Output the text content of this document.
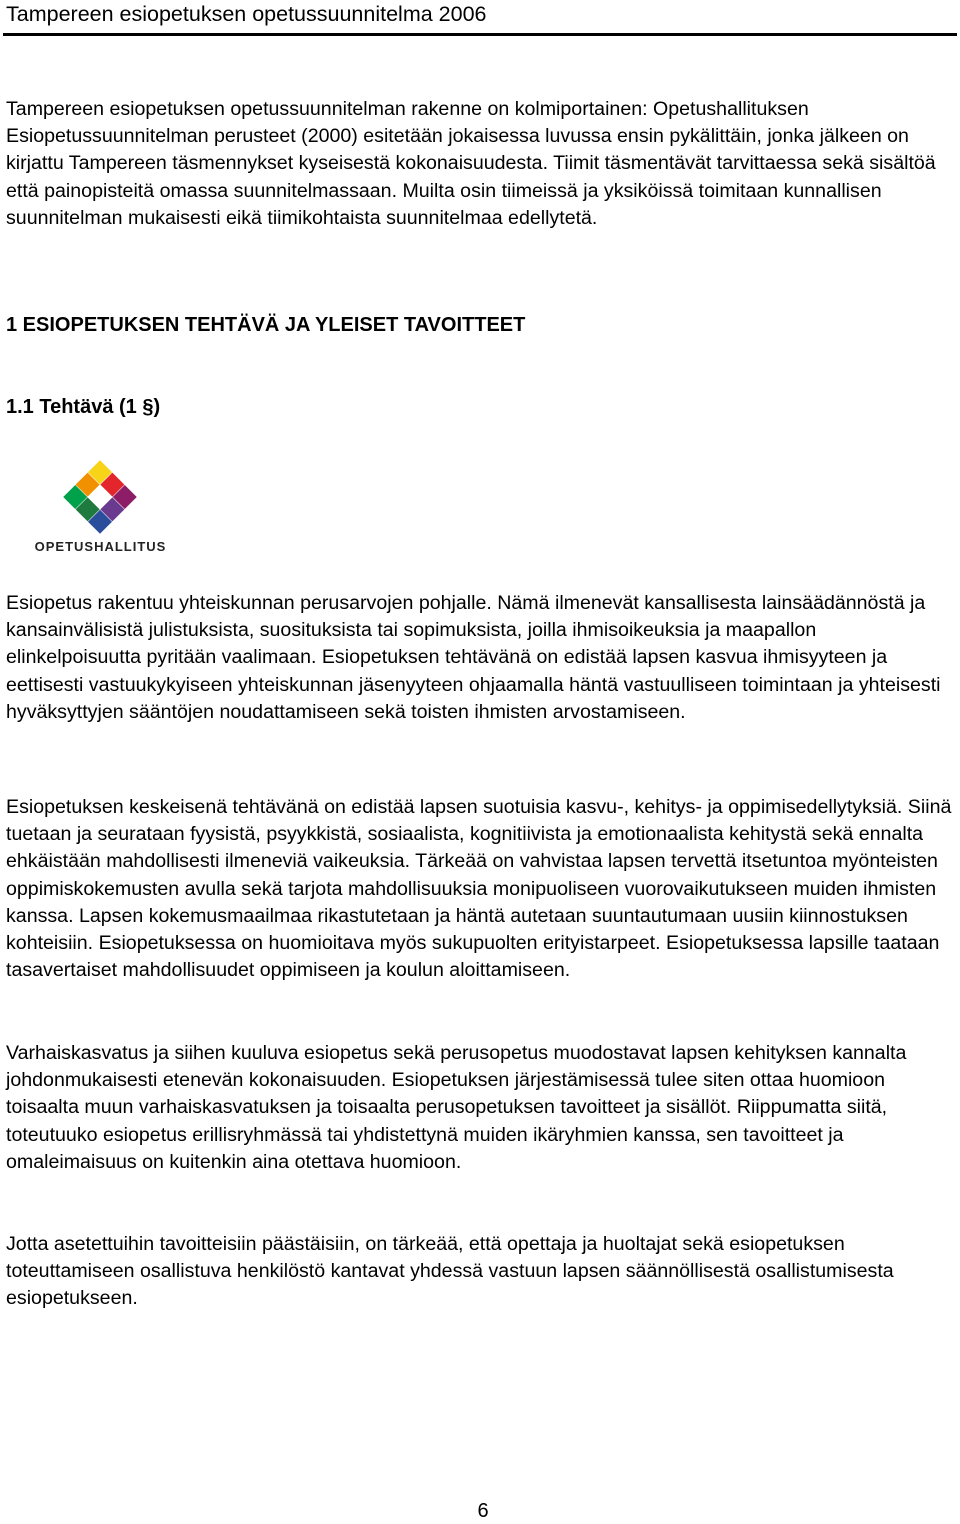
Tampereen esiopetuksen opetussuunnitelma 2006

Tampereen esiopetuksen opetussuunnitelman rakenne on kolmiportainen: Opetushallituksen Esiopetussuunnitelman perusteet (2000) esitetään jokaisessa luvussa ensin pykälittäin, jonka jälkeen on kirjattu Tampereen täsmennykset kyseisestä kokonaisuudesta. Tiimit täsmentävät tarvittaessa sekä sisältöä että painopisteitä omassa suunnitelmassaan. Muilta osin tiimeissä ja yksiköissä toimitaan kunnallisen suunnitelman mukaisesti eikä tiimikohtaista suunnitelmaa edellytetä.

1 ESIOPETUKSEN TEHTÄVÄ JA YLEISET TAVOITTEET
1.1 Tehtävä (1 §)
OPETUSHALLITUS

Esiopetus rakentuu yhteiskunnan perusarvojen pohjalle. Nämä ilmenevät kansallisesta lainsäädännöstä ja kansainvälisistä julistuksista, suosituksista tai sopimuksista, joilla ihmisoikeuksia ja maapallon elinkelpoisuutta pyritään vaalimaan. Esiopetuksen tehtävänä on edistää lapsen kasvua ihmisyyteen ja eettisesti vastuukykyiseen yhteiskunnan jäsenyyteen ohjaamalla häntä vastuulliseen toimintaan ja yhteisesti hyväksyttyjen sääntöjen noudattamiseen sekä toisten ihmisten arvostamiseen.

Esiopetuksen keskeisenä tehtävänä on edistää lapsen suotuisia kasvu-, kehitys- ja oppimisedellytyksiä. Siinä tuetaan ja seurataan fyysistä, psyykkistä, sosiaalista, kognitiivista ja emotionaalista kehitystä sekä ennalta ehkäistään mahdollisesti ilmeneviä vaikeuksia. Tärkeää on vahvistaa lapsen tervettä itsetuntoa myönteisten oppimiskokemusten avulla sekä tarjota mahdollisuuksia monipuoliseen vuorovaikutukseen muiden ihmisten kanssa. Lapsen kokemusmaailmaa rikastutetaan ja häntä autetaan suuntautumaan uusiin kiinnostuksen kohteisiin. Esiopetuksessa on huomioitava myös sukupuolten erityistarpeet. Esiopetuksessa lapsille taataan tasavertaiset mahdollisuudet oppimiseen ja koulun aloittamiseen.

Varhaiskasvatus ja siihen kuuluva esiopetus sekä perusopetus muodostavat lapsen kehityksen kannalta johdonmukaisesti etenevän kokonaisuuden. Esiopetuksen järjestämisessä tulee siten ottaa huomioon toisaalta muun varhaiskasvatuksen ja toisaalta perusopetuksen tavoitteet ja sisällöt. Riippumatta siitä, toteutuuko esiopetus erillisryhmässä tai yhdistettynä muiden ikäryhmien kanssa, sen tavoitteet ja omaleimaisuus on kuitenkin aina otettava huomioon.

Jotta asetettuihin tavoitteisiin päästäisiin, on tärkeää, että opettaja ja huoltajat sekä esiopetuksen toteuttamiseen osallistuva henkilöstö kantavat yhdessä vastuun lapsen säännöllisestä osallistumisesta esiopetukseen.

6
